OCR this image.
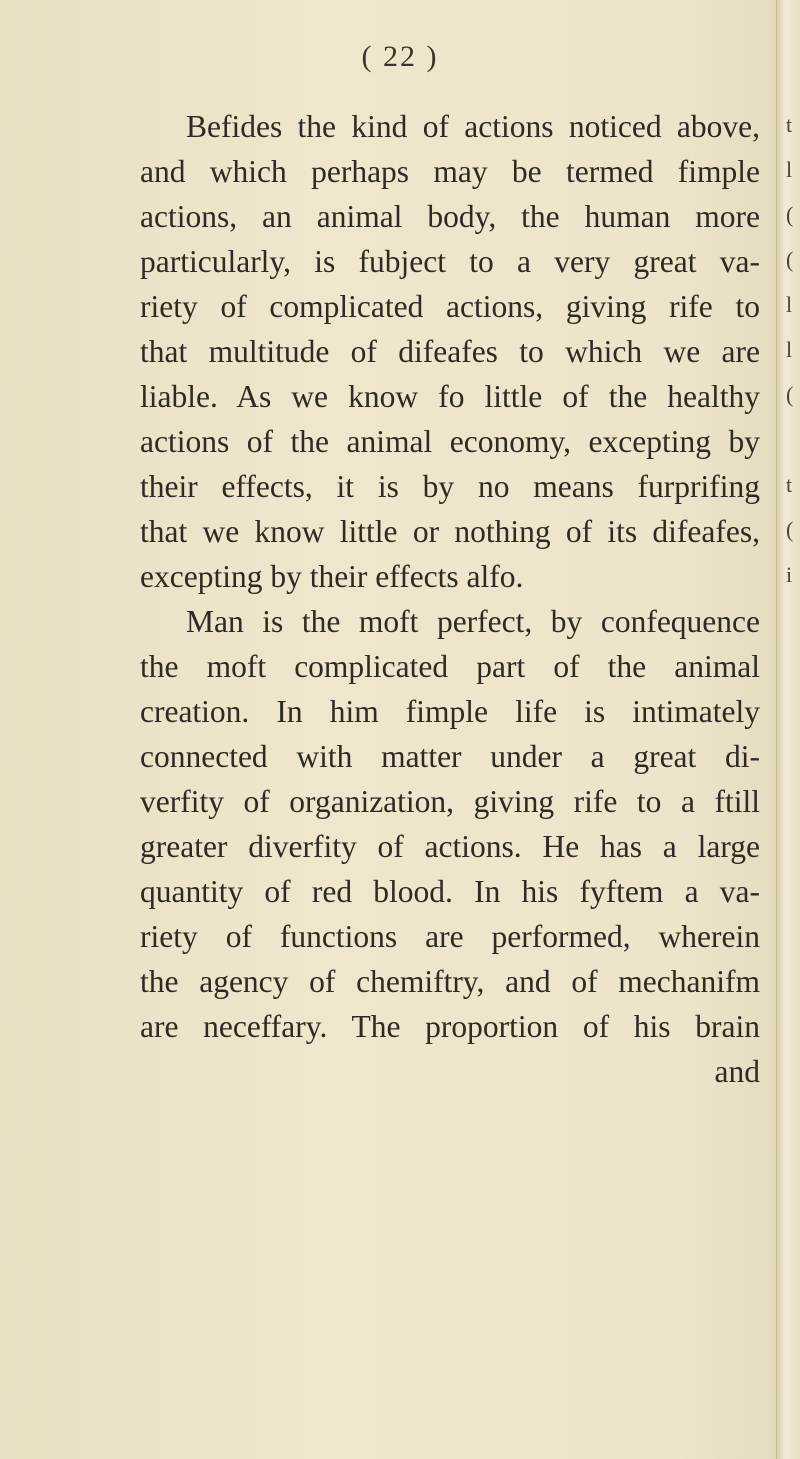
( 22 )
Befides the kind of actions noticed above,
and which perhaps may be termed fimple
actions, an animal body, the human more
particularly, is fubject to a very great va-
riety of complicated actions, giving rife to
that multitude of difeafes to which we are
liable. As we know fo little of the healthy
actions of the animal economy, excepting by
their effects, it is by no means furprifing
that we know little or nothing of its difeafes,
excepting by their effects alfo.
Man is the moft perfect, by confequence
the moft complicated part of the animal
creation. In him fimple life is intimately
connected with matter under a great di-
verfity of organization, giving rife to a ftill
greater diverfity of actions. He has a large
quantity of red blood. In his fyftem a va-
riety of functions are performed, wherein
the agency of chemiftry, and of mechanifm
are neceffary. The proportion of his brain
and
t
l
(
(
l
l
(
t
(
i
